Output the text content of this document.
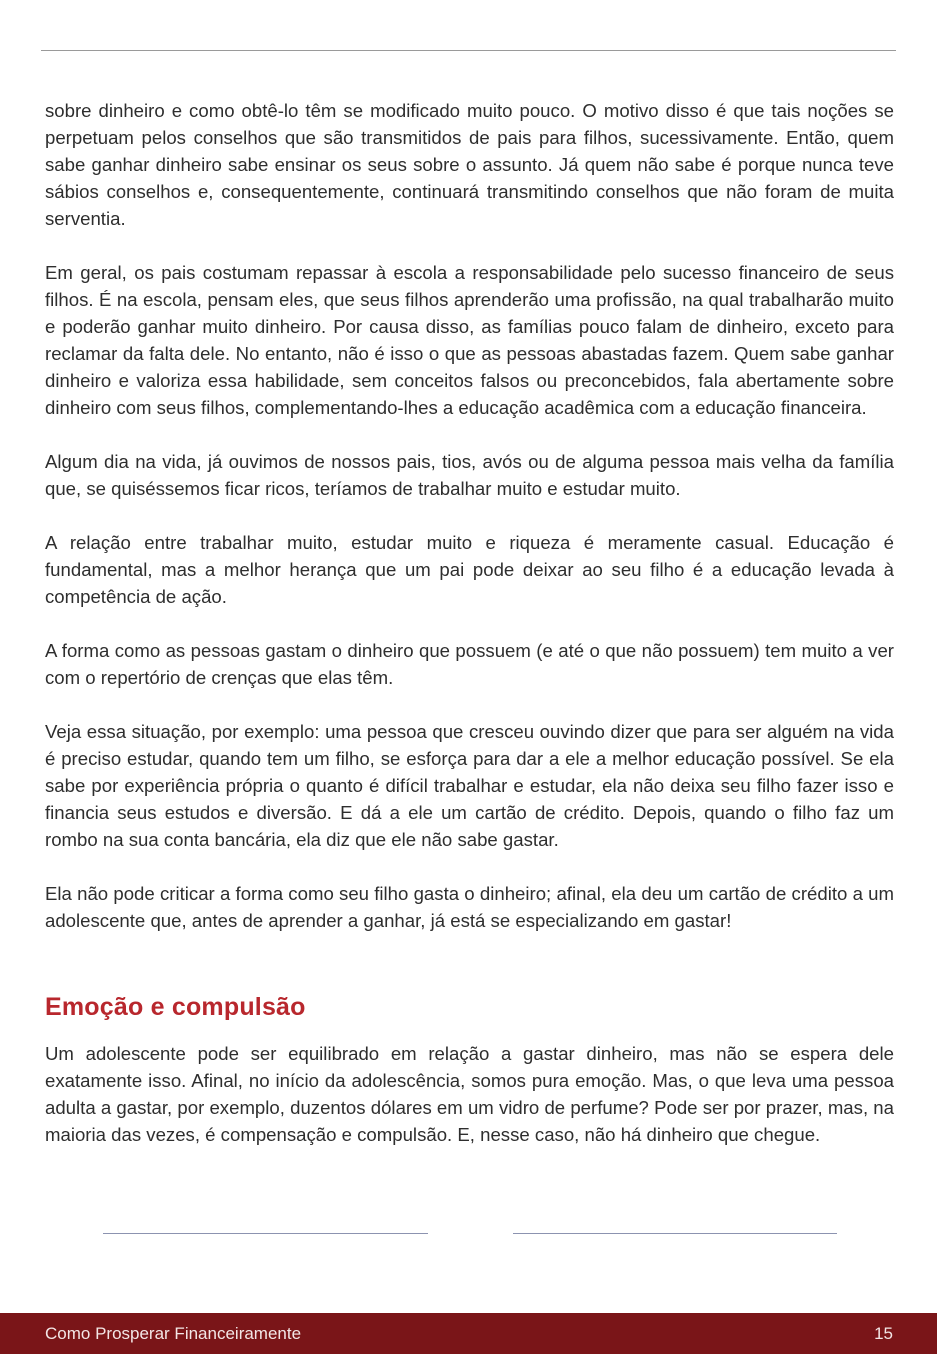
sobre dinheiro e como obtê-lo têm se modificado muito pouco. O motivo disso é que tais noções se perpetuam pelos conselhos que são transmitidos de pais para filhos, sucessivamente. Então, quem sabe ganhar dinheiro sabe ensinar os seus sobre o assunto. Já quem não sabe é porque nunca teve sábios conselhos e, consequentemente, continuará transmitindo conselhos que não foram de muita serventia.

Em geral, os pais costumam repassar à escola a responsabilidade pelo sucesso financeiro de seus filhos. É na escola, pensam eles, que seus filhos aprenderão uma profissão, na qual trabalharão muito e poderão ganhar muito dinheiro. Por causa disso, as famílias pouco falam de dinheiro, exceto para reclamar da falta dele. No entanto, não é isso o que as pessoas abastadas fazem. Quem sabe ganhar dinheiro e valoriza essa habilidade, sem conceitos falsos ou preconcebidos, fala abertamente sobre dinheiro com seus filhos, complementando-lhes a educação acadêmica com a educação financeira.

Algum dia na vida, já ouvimos de nossos pais, tios, avós ou de alguma pessoa mais velha da família que, se quiséssemos ficar ricos, teríamos de trabalhar muito e estudar muito.

A relação entre trabalhar muito, estudar muito e riqueza é meramente casual. Educação é fundamental, mas a melhor herança que um pai pode deixar ao seu filho é a educação levada à competência de ação.

A forma como as pessoas gastam o dinheiro que possuem (e até o que não possuem) tem muito a ver com o repertório de crenças que elas têm.

Veja essa situação, por exemplo: uma pessoa que cresceu ouvindo dizer que para ser alguém na vida é preciso estudar, quando tem um filho, se esforça para dar a ele a melhor educação possível. Se ela sabe por experiência própria o quanto é difícil trabalhar e estudar, ela não deixa seu filho fazer isso e financia seus estudos e diversão. E dá a ele um cartão de crédito. Depois, quando o filho faz um rombo na sua conta bancária, ela diz que ele não sabe gastar.

Ela não pode criticar a forma como seu filho gasta o dinheiro; afinal, ela deu um cartão de crédito a um adolescente que, antes de aprender a ganhar, já está se especializando em gastar!

Emoção e compulsão

Um adolescente pode ser equilibrado em relação a gastar dinheiro, mas não se espera dele exatamente isso. Afinal, no início da adolescência, somos pura emoção. Mas, o que leva uma pessoa adulta a gastar, por exemplo, duzentos dólares em um vidro de perfume? Pode ser por prazer, mas, na maioria das vezes, é compensação e compulsão. E, nesse caso, não há dinheiro que chegue.

Como Prosperar Financeiramente	15
